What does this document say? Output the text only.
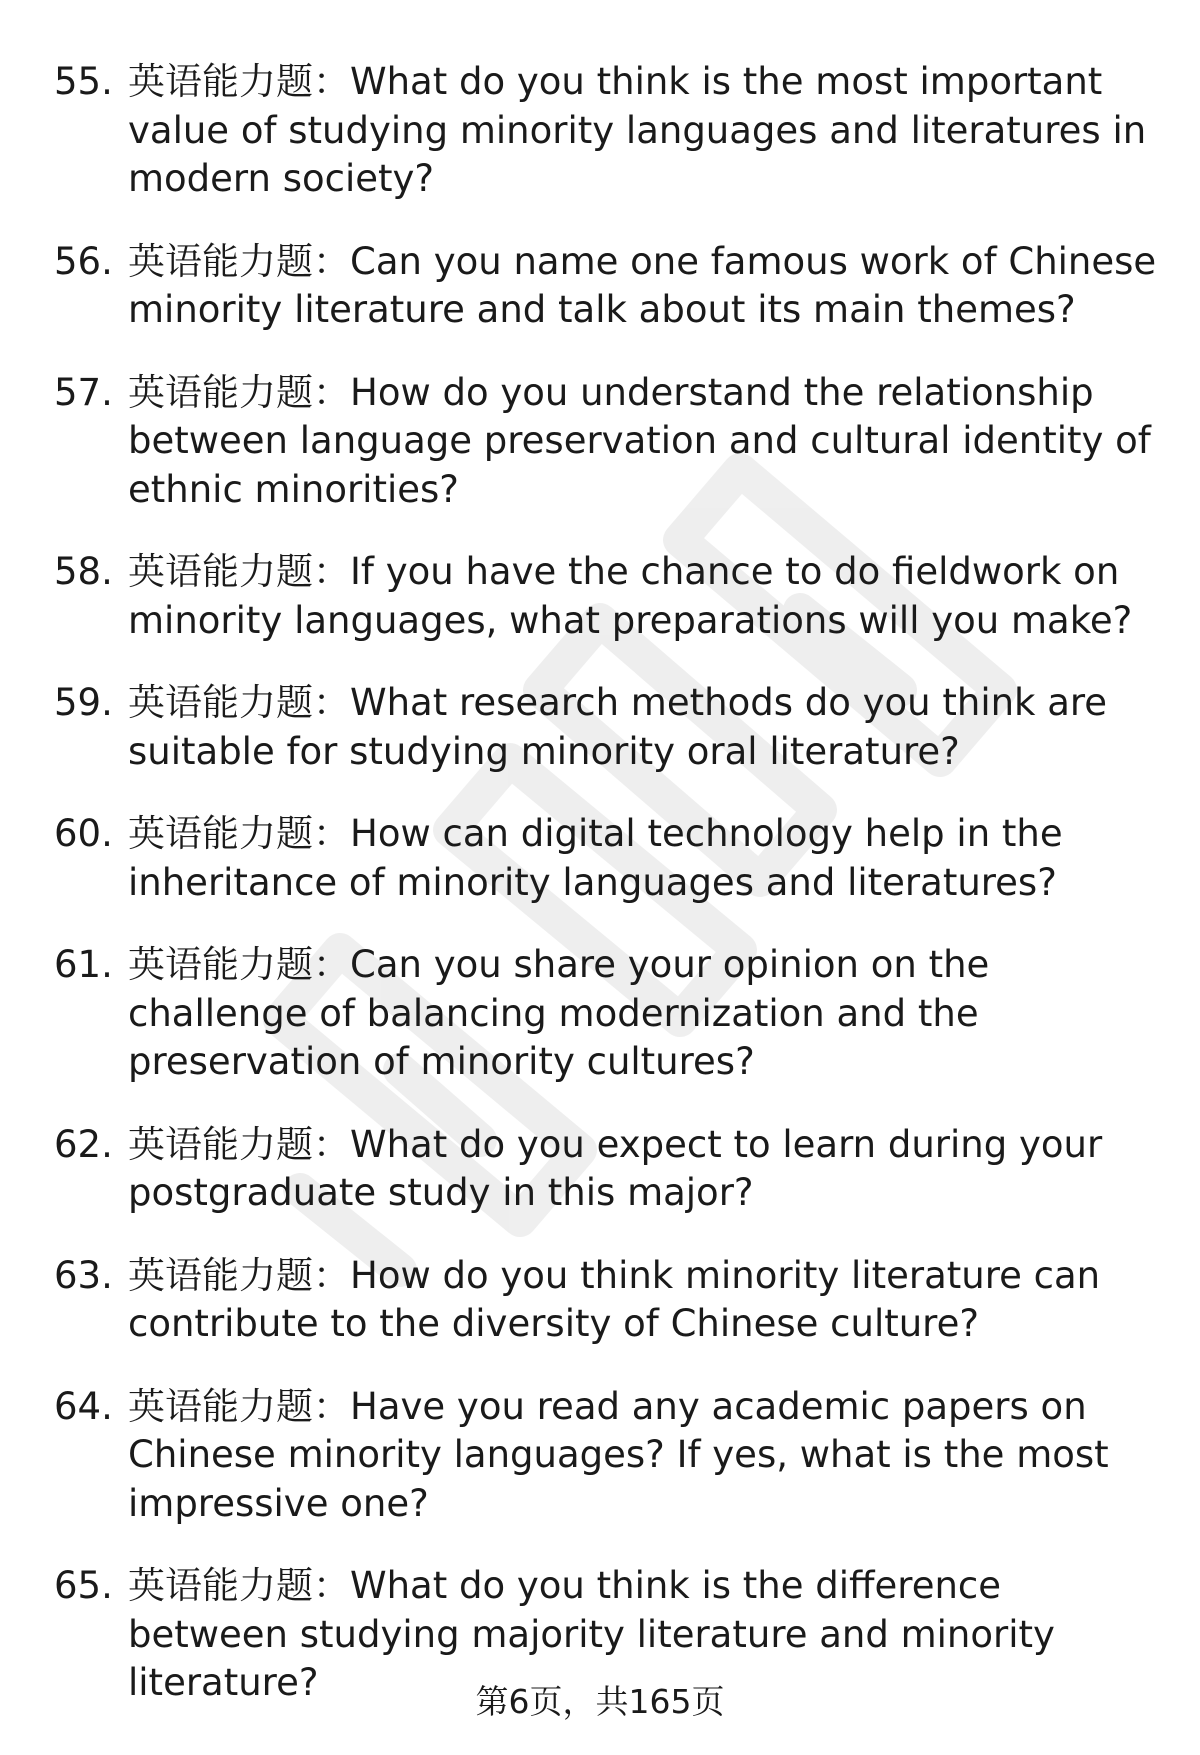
55. 英语能力题：What do you think is the most important value of studying minority languages and literatures in modern society?
56. 英语能力题：Can you name one famous work of Chinese minority literature and talk about its main themes?
57. 英语能力题：How do you understand the relationship between language preservation and cultural identity of ethnic minorities?
58. 英语能力题：If you have the chance to do fieldwork on minority languages, what preparations will you make?
59. 英语能力题：What research methods do you think are suitable for studying minority oral literature?
60. 英语能力题：How can digital technology help in the inheritance of minority languages and literatures?
61. 英语能力题：Can you share your opinion on the challenge of balancing modernization and the preservation of minority cultures?
62. 英语能力题：What do you expect to learn during your postgraduate study in this major?
63. 英语能力题：How do you think minority literature can contribute to the diversity of Chinese culture?
64. 英语能力题：Have you read any academic papers on Chinese minority languages? If yes, what is the most impressive one?
65. 英语能力题：What do you think is the difference between studying majority literature and minority literature?	第6页，共165页
